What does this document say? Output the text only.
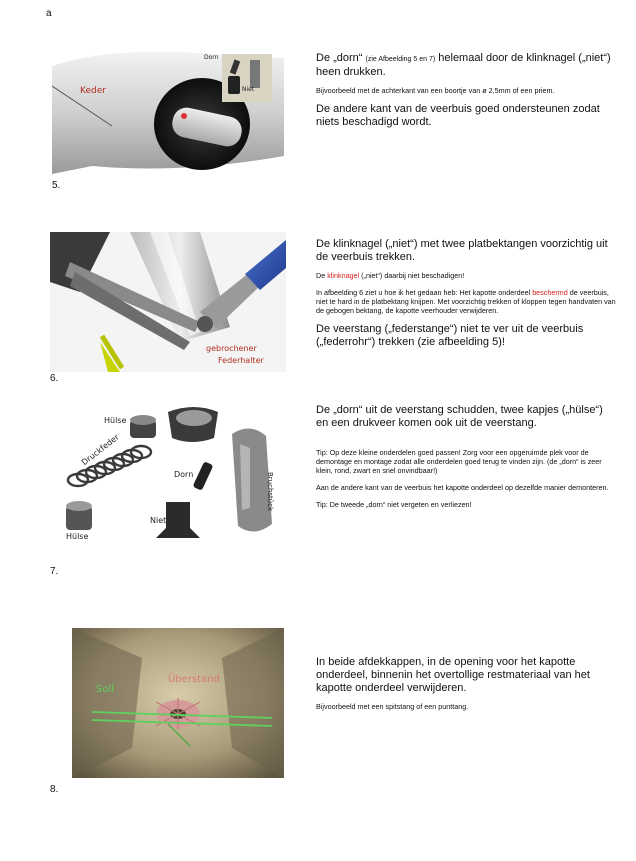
a
Keder
Dorn
Niet
5.

De „dorn“ (zie Afbeelding 5 en 7) helemaal door de klinknagel („niet“) heen drukken.

Bijvoorbeeld met de achterkant van een boortje van ø 2,5mm of een priem.

De andere kant van de veerbuis goed ondersteunen zodat niets beschadigd wordt.

gebrochener
Federhalter
6.

De klinknagel („niet“) met twee platbektangen voorzichtig uit de veerbuis trekken.

De klinknagel („niet“) daarbij niet beschadigen!

In afbeelding 6 ziet u hoe ik het gedaan heb: Het kapotte onderdeel beschermd de veerbuis, niet te hard in de platbektang knijpen. Met voorzichtig trekken of kloppen tegen handvaten van de gebogen bektang, de kapotte veerhouder verwijderen.

De veerstang („federstange“) niet te ver uit de veerbuis („federrohr“) trekken (zie afbeelding 5)!

Hülse
Druckfeder
Dorn
Niet
Hülse
Bruchstück
7.

De „dorn“ uit de veerstang schudden, twee kapjes („hülse“) en een drukveer komen ook uit de veerstang.

Tip: Op deze kleine onderdelen goed passen! Zorg voor een opgeruimde plek voor de demontage en montage zodat alle onderdelen goed terug te vinden zijn. (de „dorn“ is zeer klein, rond, zwart en snel onvindbaar!)

Aan de andere kant van de veerbuis het kapotte onderdeel op dezelfde manier demonteren.

Tip: De tweede „dorn“ niet vergeten en verliezen!

Soll
Überstand
8.

In beide afdekkappen, in de opening voor het kapotte onderdeel, binnenin het overtollige restmateriaal van het kapotte onderdeel verwijderen.

Bijvoorbeeld met een spitstang of een punttang.
